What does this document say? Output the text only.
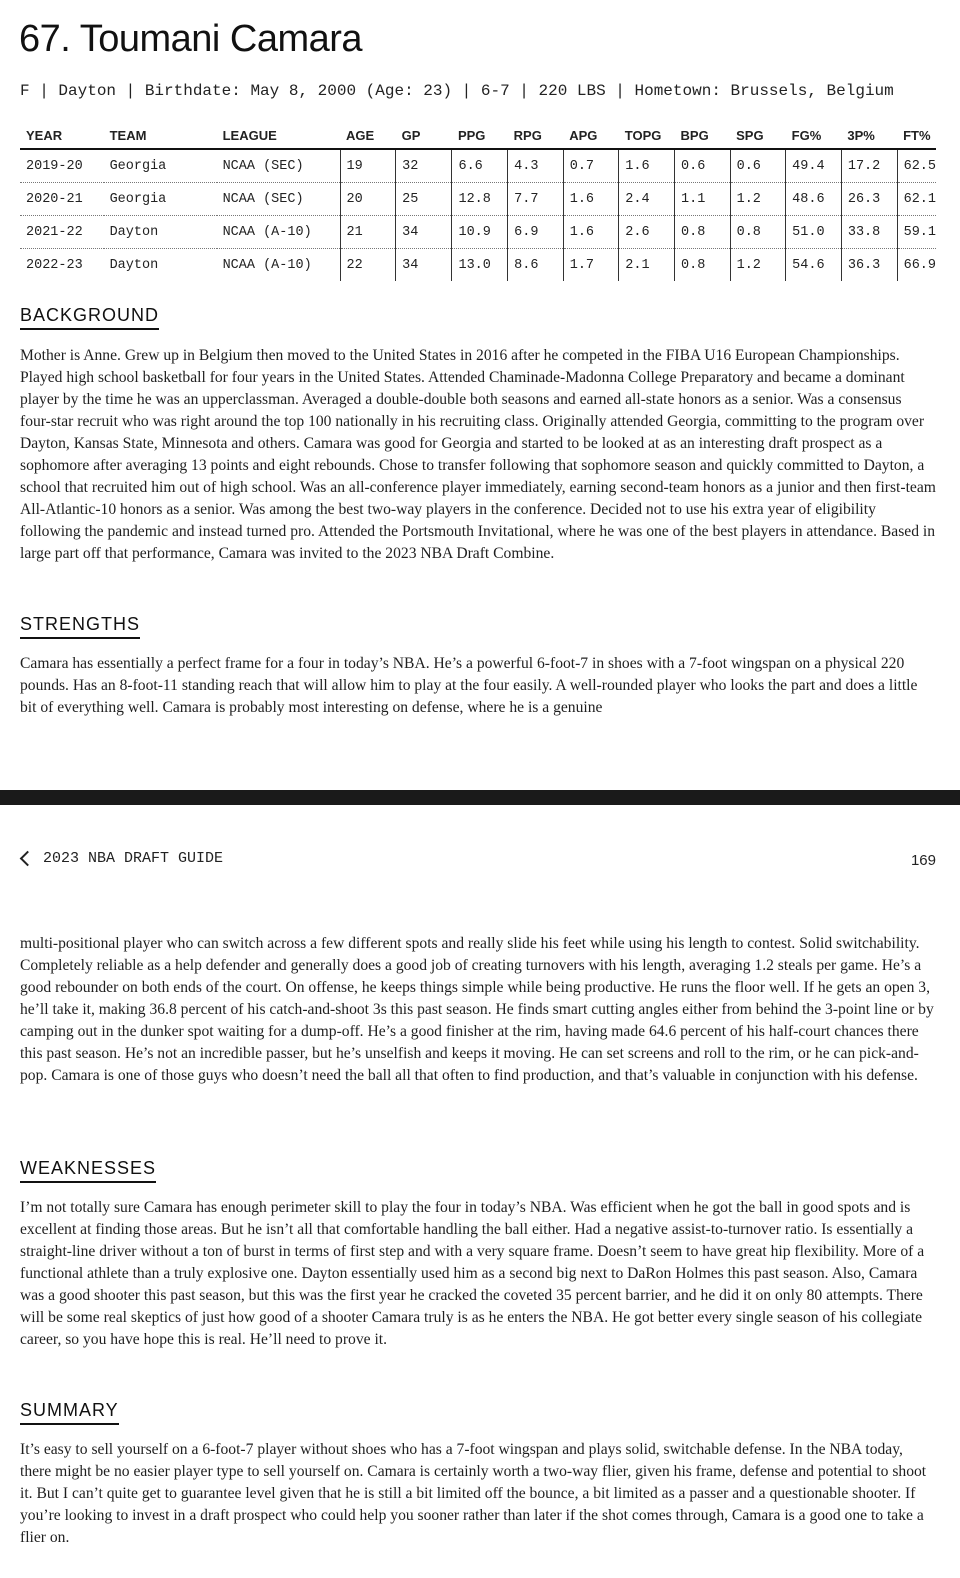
67. Toumani Camara
F | Dayton | Birthdate: May 8, 2000 (Age: 23) | 6-7 | 220 LBS | Hometown: Brussels, Belgium
YEAR	TEAM	LEAGUE	AGE	GP	PPG	RPG	APG	TOPG	BPG	SPG	FG%	3P%	FT%
2019-20	Georgia	NCAA (SEC)	19	32	6.6	4.3	0.7	1.6	0.6	0.6	49.4	17.2	62.5
2020-21	Georgia	NCAA (SEC)	20	25	12.8	7.7	1.6	2.4	1.1	1.2	48.6	26.3	62.1
2021-22	Dayton	NCAA (A-10)	21	34	10.9	6.9	1.6	2.6	0.8	0.8	51.0	33.8	59.1
2022-23	Dayton	NCAA (A-10)	22	34	13.0	8.6	1.7	2.1	0.8	1.2	54.6	36.3	66.9
BACKGROUND

Mother is Anne. Grew up in Belgium then moved to the United States in 2016 after he competed in the FIBA U16 European Championships. Played high school basketball for four years in the United States. Attended Chaminade-Madonna College Preparatory and became a dominant player by the time he was an upperclassman. Averaged a double-double both seasons and earned all-state honors as a senior. Was a consensus four-star recruit who was right around the top 100 nationally in his recruiting class. Originally attended Georgia, committing to the program over Dayton, Kansas State, Minnesota and others. Camara was good for Georgia and started to be looked at as an interesting draft prospect as a sophomore after averaging 13 points and eight rebounds. Chose to transfer following that sophomore season and quickly committed to Dayton, a school that recruited him out of high school. Was an all-conference player immediately, earning second-team honors as a junior and then first-team All-Atlantic-10 honors as a senior. Was among the best two-way players in the conference. Decided not to use his extra year of eligibility following the pandemic and instead turned pro. Attended the Portsmouth Invitational, where he was one of the best players in attendance. Based in large part off that performance, Camara was invited to the 2023 NBA Draft Combine.

STRENGTHS

Camara has essentially a perfect frame for a four in today’s NBA. He’s a powerful 6-foot-7 in shoes with a 7-foot wingspan on a physical 220 pounds. Has an 8-foot-11 standing reach that will allow him to play at the four easily. A well-rounded player who looks the part and does a little bit of everything well. Camara is probably most interesting on defense, where he is a genuine

2023 NBA DRAFT GUIDE	169

multi-positional player who can switch across a few different spots and really slide his feet while using his length to contest. Solid switchability. Completely reliable as a help defender and generally does a good job of creating turnovers with his length, averaging 1.2 steals per game. He’s a good rebounder on both ends of the court. On offense, he keeps things simple while being productive. He runs the floor well. If he gets an open 3, he’ll take it, making 36.8 percent of his catch-and-shoot 3s this past season. He finds smart cutting angles either from behind the 3-point line or by camping out in the dunker spot waiting for a dump-off. He’s a good finisher at the rim, having made 64.6 percent of his half-court chances there this past season. He’s not an incredible passer, but he’s unselfish and keeps it moving. He can set screens and roll to the rim, or he can pick-and-pop. Camara is one of those guys who doesn’t need the ball all that often to find production, and that’s valuable in conjunction with his defense.

WEAKNESSES

I’m not totally sure Camara has enough perimeter skill to play the four in today’s NBA. Was efficient when he got the ball in good spots and is excellent at finding those areas. But he isn’t all that comfortable handling the ball either. Had a negative assist-to-turnover ratio. Is essentially a straight-line driver without a ton of burst in terms of first step and with a very square frame. Doesn’t seem to have great hip flexibility. More of a functional athlete than a truly explosive one. Dayton essentially used him as a second big next to DaRon Holmes this past season. Also, Camara was a good shooter this past season, but this was the first year he cracked the coveted 35 percent barrier, and he did it on only 80 attempts. There will be some real skeptics of just how good of a shooter Camara truly is as he enters the NBA. He got better every single season of his collegiate career, so you have hope this is real. He’ll need to prove it.

SUMMARY

It’s easy to sell yourself on a 6-foot-7 player without shoes who has a 7-foot wingspan and plays solid, switchable defense. In the NBA today, there might be no easier player type to sell yourself on. Camara is certainly worth a two-way flier, given his frame, defense and potential to shoot it. But I can’t quite get to guarantee level given that he is still a bit limited off the bounce, a bit limited as a passer and a questionable shooter. If you’re looking to invest in a draft prospect who could help you sooner rather than later if the shot comes through, Camara is a good one to take a flier on.
